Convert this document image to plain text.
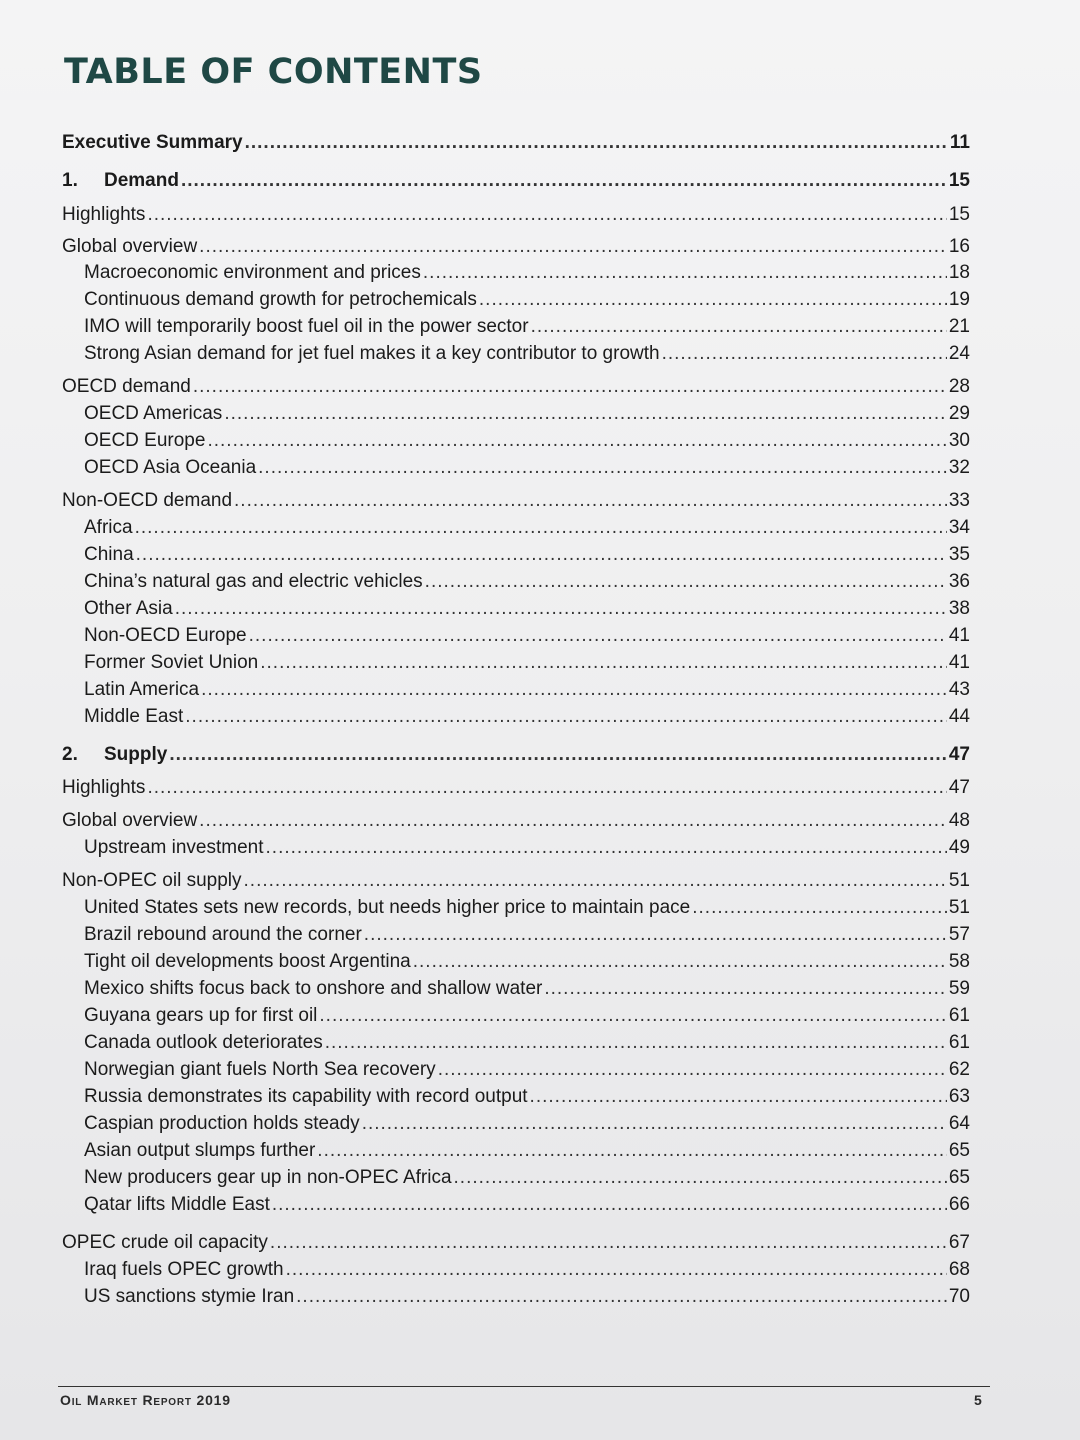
TABLE OF CONTENTS
Executive Summary .....	11
1.	Demand .....	15
Highlights .....	15
Global overview .....	16
Macroeconomic environment and prices .....	18
Continuous demand growth for petrochemicals .....	19
IMO will temporarily boost fuel oil in the power sector .....	21
Strong Asian demand for jet fuel makes it a key contributor to growth .....	24
OECD demand .....	28
OECD Americas .....	29
OECD Europe .....	30
OECD Asia Oceania .....	32
Non-OECD demand .....	33
Africa .....	34
China .....	35
China’s natural gas and electric vehicles .....	36
Other Asia .....	38
Non-OECD Europe .....	41
Former Soviet Union .....	41
Latin America .....	43
Middle East .....	44
2.	Supply .....	47
Highlights .....	47
Global overview .....	48
Upstream investment .....	49
Non-OPEC oil supply .....	51
United States sets new records, but needs higher price to maintain pace .....	51
Brazil rebound around the corner .....	57
Tight oil developments boost Argentina .....	58
Mexico shifts focus back to onshore and shallow water .....	59
Guyana gears up for first oil .....	61
Canada outlook deteriorates .....	61
Norwegian giant fuels North Sea recovery .....	62
Russia demonstrates its capability with record output .....	63
Caspian production holds steady .....	64
Asian output slumps further .....	65
New producers gear up in non-OPEC Africa .....	65
Qatar lifts Middle East .....	66
OPEC crude oil capacity .....	67
Iraq fuels OPEC growth .....	68
US sanctions stymie Iran .....	70
Oil Market Report 2019	5
